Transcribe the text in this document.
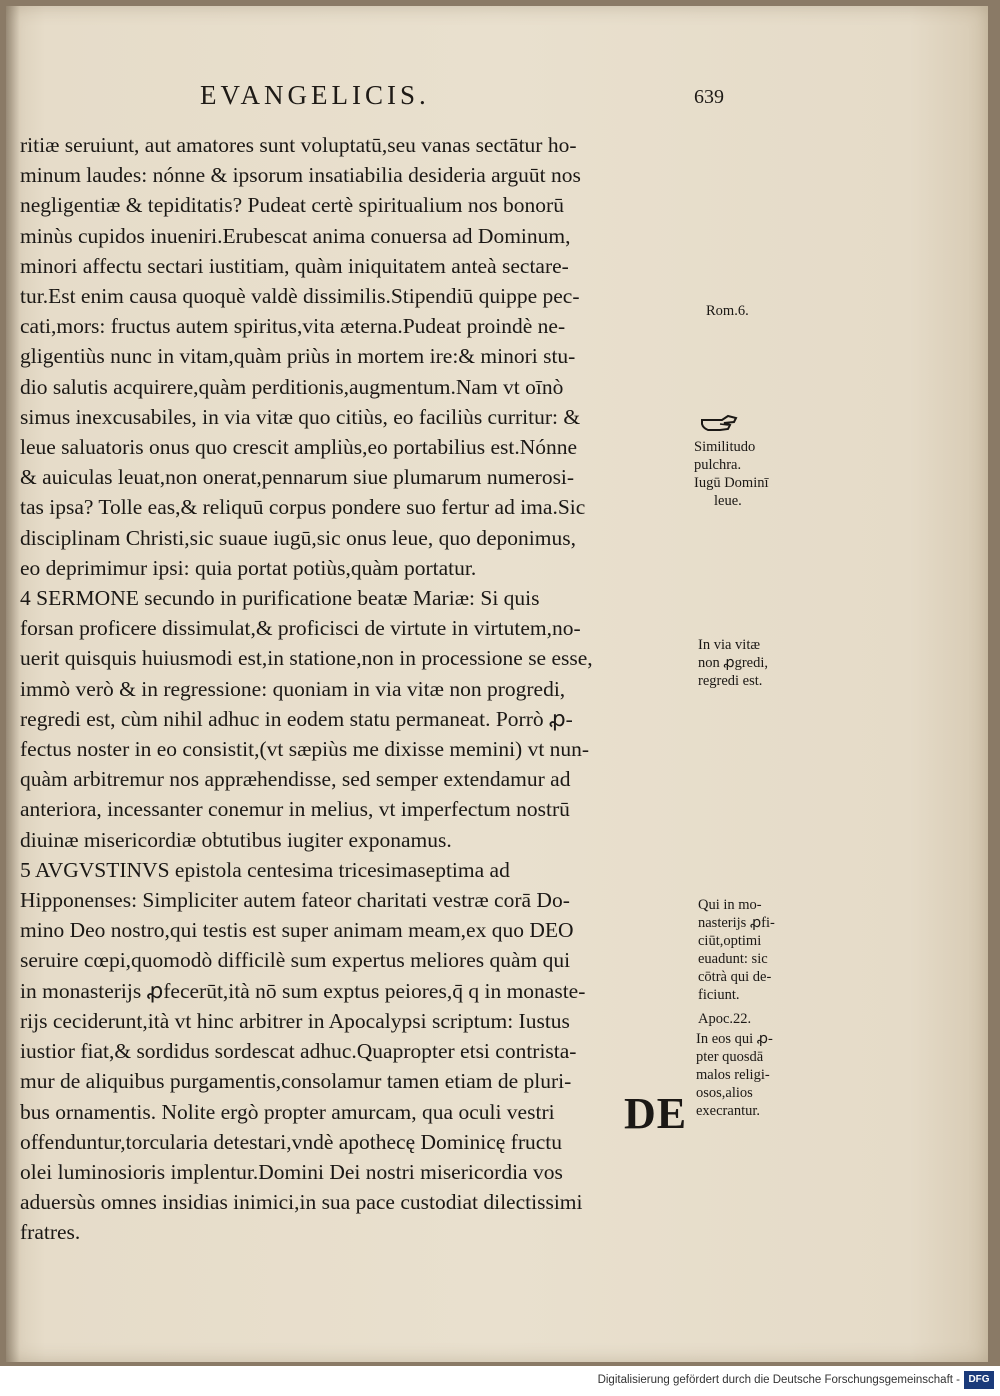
EVANGELICIS.	639
ritiæ seruiunt, aut amatores sunt voluptatū,seu vanas sectātur ho-
minum laudes: nónne & ipsorum insatiabilia desideria arguūt nos
negligentiæ & tepiditatis? Pudeat certè spiritualium nos bonorū
minùs cupidos inueniri.Erubescat anima conuersa ad Dominum,
minori affectu sectari iustitiam, quàm iniquitatem anteà sectare-
tur.Est enim causa quoquè valdè dissimilis.Stipendiū quippe pec-
cati,mors: fructus autem spiritus,vita æterna.Pudeat proindè ne-
gligentiùs nunc in vitam,quàm priùs in mortem ire:& minori stu-
dio salutis acquirere,quàm perditionis,augmentum.Nam vt oīnò
simus inexcusabiles, in via vitæ quo citiùs, eo faciliùs curritur: &
leue saluatoris onus quo crescit ampliùs,eo portabilius est.Nónne
& auiculas leuat,non onerat,pennarum siue plumarum numerosi-
tas ipsa? Tolle eas,& reliquū corpus pondere suo fertur ad ima.Sic
disciplinam Christi,sic suaue iugū,sic onus leue, quo deponimus,
eo deprimimur ipsi: quia portat potiùs,quàm portatur.
4 SERMONE secundo in purificatione beatæ Mariæ: Si quis
forsan proficere dissimulat,& proficisci de virtute in virtutem,no-
uerit quisquis huiusmodi est,in statione,non in processione se esse,
immò verò & in regressione: quoniam in via vitæ non progredi,
regredi est, cùm nihil adhuc in eodem statu permaneat. Porrò ꝓ-
fectus noster in eo consistit,(vt sæpiùs me dixisse memini) vt nun-
quàm arbitremur nos appræhendisse, sed semper extendamur ad
anteriora, incessanter conemur in melius, vt imperfectum nostrū
diuinæ misericordiæ obtutibus iugiter exponamus.
5 AVGVSTINVS epistola centesima tricesimaseptima ad
Hipponenses: Simpliciter autem fateor charitati vestræ corā Do-
mino Deo nostro,qui testis est super animam meam,ex quo DEO
seruire cœpi,quomodò difficilè sum expertus meliores quàm qui
in monasterijs ꝓfecerūt,ità nō sum exptus peiores,q̄ q in monaste-
rijs ceciderunt,ità vt hinc arbitrer in Apocalypsi scriptum: Iustus
iustior fiat,& sordidus sordescat adhuc.Quapropter etsi contrista-
mur de aliquibus purgamentis,consolamur tamen etiam de pluri-
bus ornamentis. Nolite ergò propter amurcam, qua oculi vestri
offenduntur,torcularia detestari,vndè apothecę Dominicę fructu
olei luminosioris implentur.Domini Dei nostri misericordia vos
aduersùs omnes insidias inimici,in sua pace custodiat dilectissimi
fratres.
Rom.6.
Similitudo
pulchra.
Iugū Dominī
leue.
In via vitæ
non ꝓgredi,
regredi est.
Qui in mo-
nasterijs ꝓfi-
ciūt,optimi
euadunt: sic
cōtrà qui de-
ficiunt.
Apoc.22.
In eos qui ꝓ-
pter quosdā
malos religi-
osos,alios
execrantur.
DE
Digitalisierung gefördert durch die Deutsche Forschungsgemeinschaft - DFG
